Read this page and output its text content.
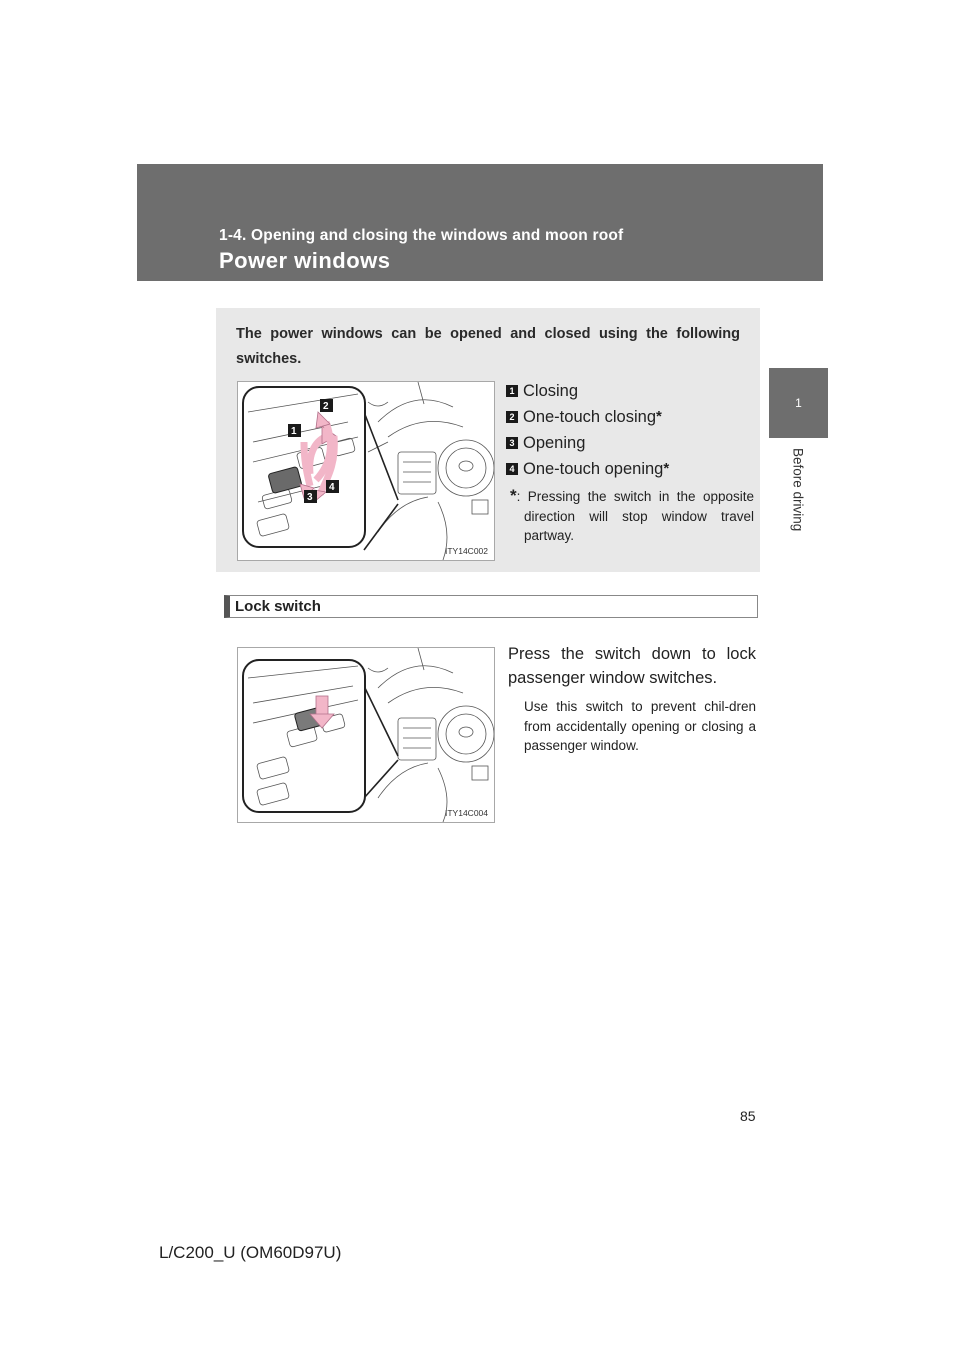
1-4. Opening and closing the windows and moon roof

Power windows
1
Before driving

The power windows can be opened and closed using the following switches.

1
2
3
4
ITY14C002
1 Closing
2 One-touch closing *
3 Opening
4 One-touch opening *

*: Pressing the switch in the opposite direction will stop window travel partway.

Lock switch
ITY14C004

Press the switch down to lock passenger window switches.

Use this switch to prevent chil-dren from accidentally opening or closing a passenger window.

85
L/C200_U (OM60D97U)
